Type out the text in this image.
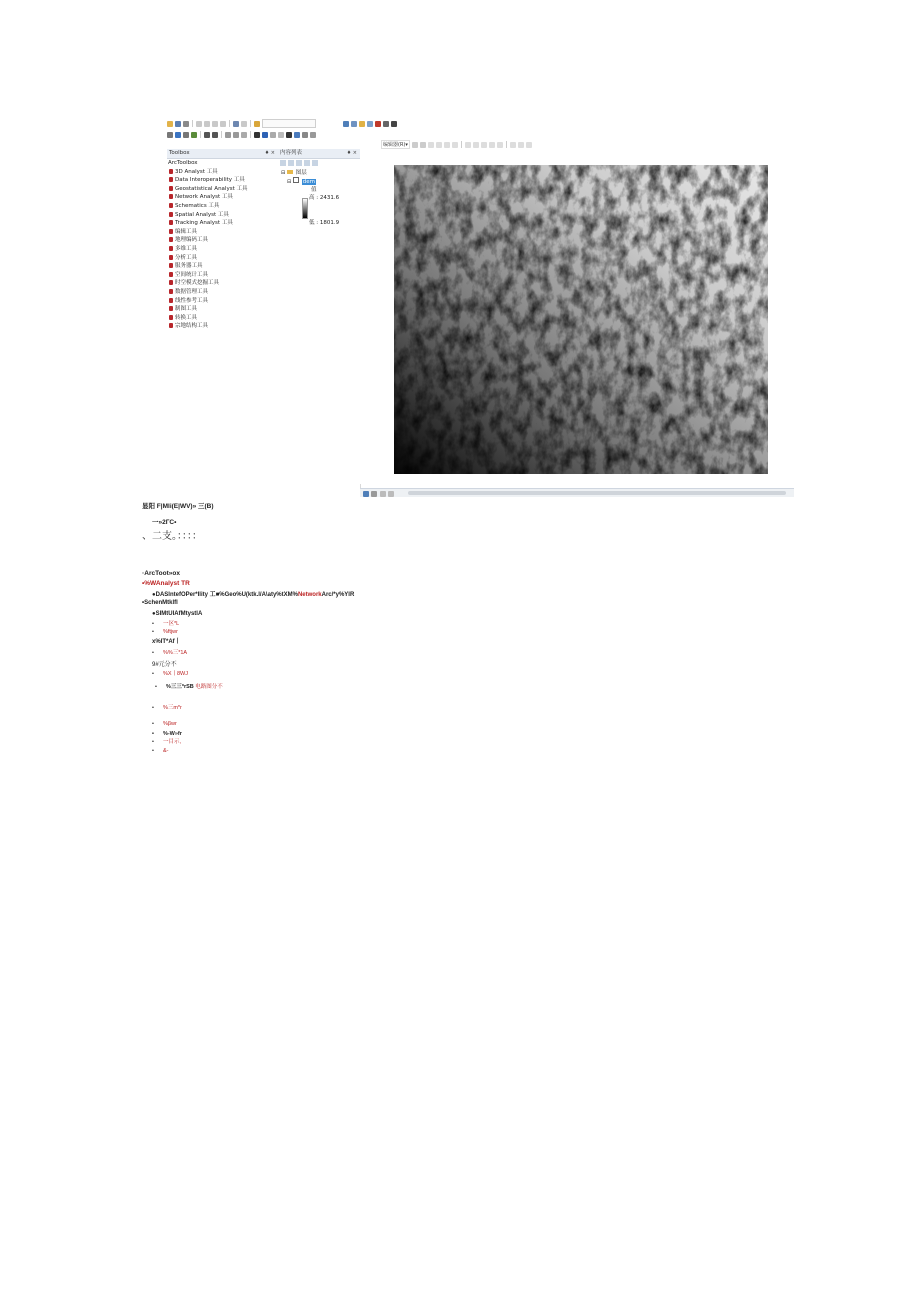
编辑器(R)▾
Toolbox	♦ ×
ArcToolbox
3D Analyst 工具
Data Interoperability 工具
Geostatistical Analyst 工具
Network Analyst 工具
Schematics 工具
Spatial Analyst 工具
Tracking Analyst 工具
编辑工具
地理编码工具
多维工具
分析工具
服务器工具
空间统计工具
时空模式挖掘工具
数据管理工具
线性参考工具
制图工具
转换工具
宗地结构工具
内容列表	♦ ×
⊟ 图层
⊟ dem
值
高 : 2431.6
低 : 1801.9
显阳 F|Mli(E|WV)» 三(B)
一»2ГC•
、二支。：：：：
◦ArcToot»ox
•%WAnalyst TR
●DASIntefOPer*Ility 工■%Geo%U(ktk.l/A\aty%tXM%NetworkArc/*y%YIR
•SchenMtklfl
●SIMtUIAfMtystlA
• 一区*L
• %ftjwr
x%IT*Af丨
• %%三*1A
9#元分不
• %X丨8WJ
• %三三*rSB 电路图分不
• %三m*r
• %βwr
• %-W»fr
• 一目示,
• &-
